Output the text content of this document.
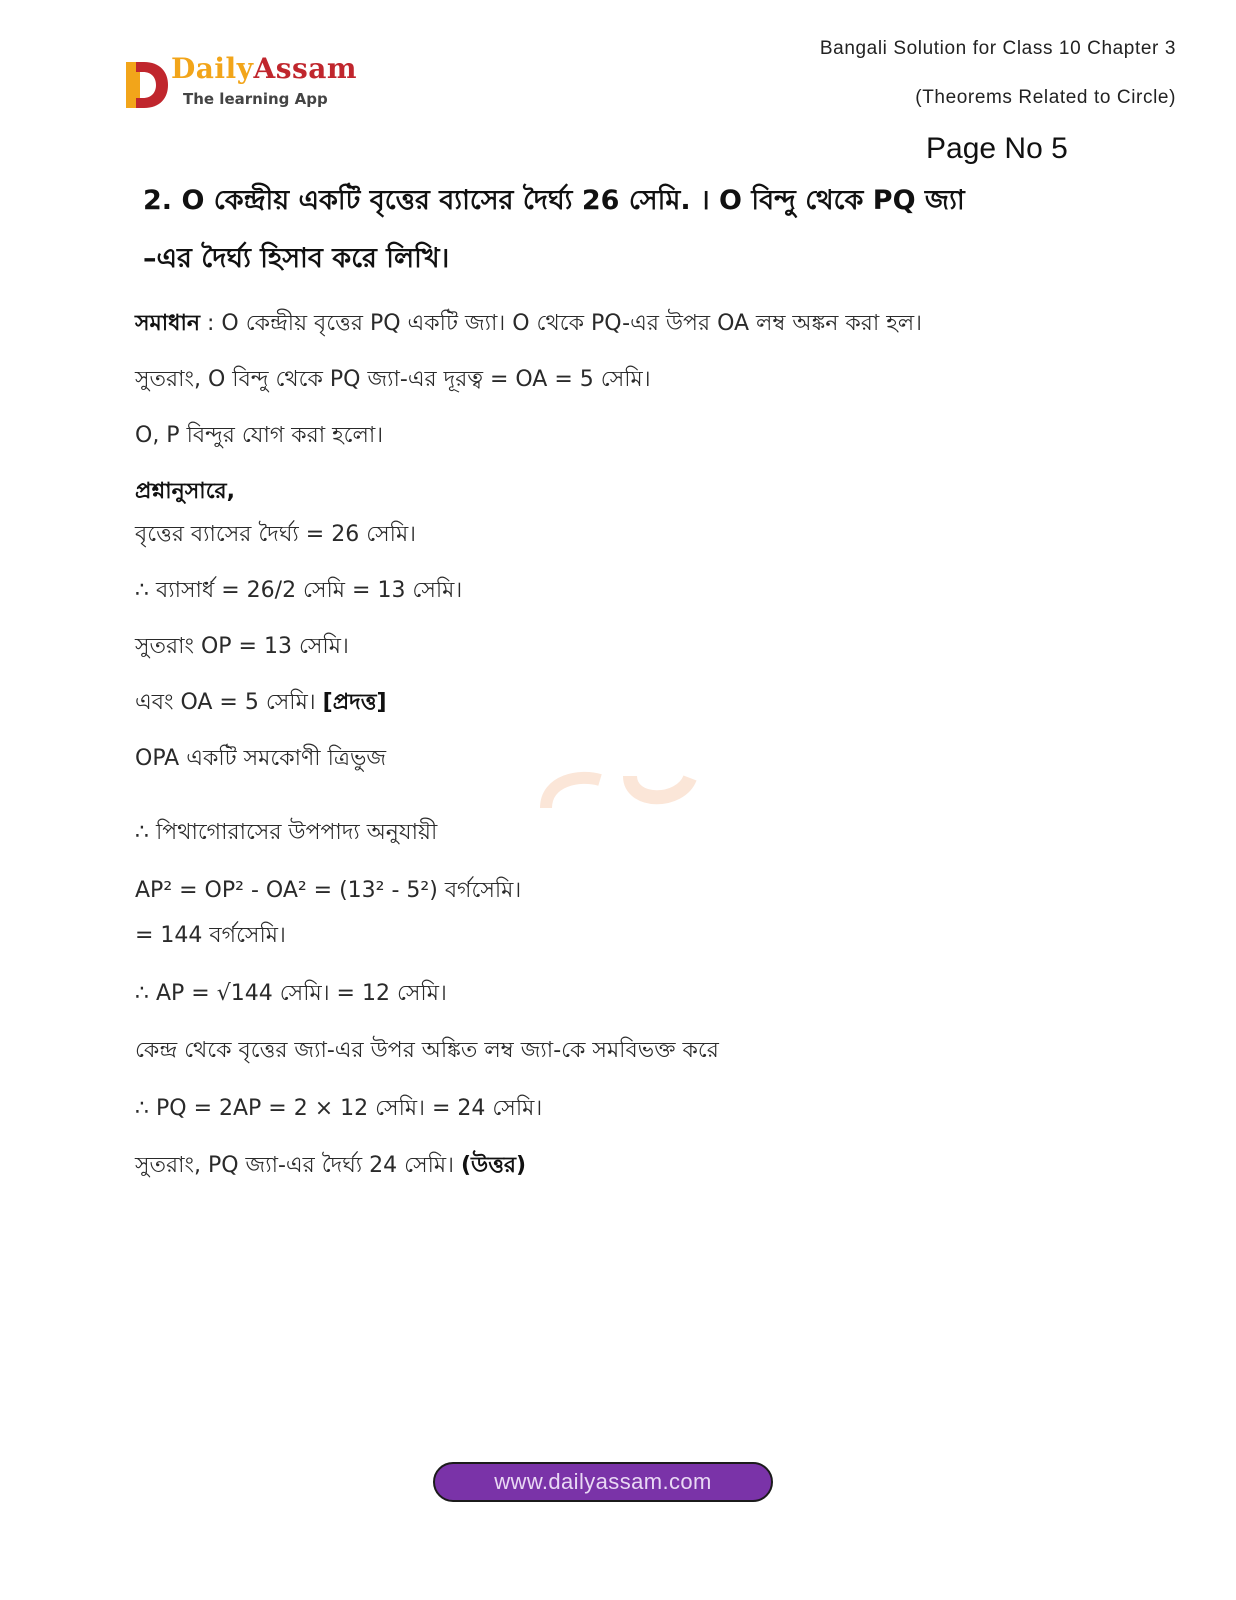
DailyAssam
The learning App
Bangali Solution for Class 10 Chapter 3
(Theorems Related to Circle)
Page No 5
2. O কেন্দ্রীয় একটি বৃত্তের ব্যাসের দৈর্ঘ্য 26 সেমি. । O বিন্দু থেকে PQ জ্যা
–এর দৈর্ঘ্য হিসাব করে লিখি।
সমাধান : O কেন্দ্রীয় বৃত্তের PQ একটি জ্যা। O থেকে PQ-এর উপর OA লম্ব অঙ্কন করা হল।
সুতরাং, O বিন্দু থেকে PQ জ্যা-এর দূরত্ব = OA = 5 সেমি।
O, P বিন্দুর যোগ করা হলো।
প্রশ্নানুসারে,
বৃত্তের ব্যাসের দৈর্ঘ্য = 26 সেমি।
∴ ব্যাসার্ধ = 26/2 সেমি = 13 সেমি।
সুতরাং OP = 13 সেমি।
এবং OA = 5 সেমি। [প্রদত্ত]
OPA একটি সমকোণী ত্রিভুজ
∴ পিথাগোরাসের উপপাদ্য অনুযায়ী
AP² = OP² - OA² = (13² - 5²) বর্গসেমি।
= 144 বর্গসেমি।
∴ AP = √144 সেমি। = 12 সেমি।
কেন্দ্র থেকে বৃত্তের জ্যা-এর উপর অঙ্কিত লম্ব জ্যা-কে সমবিভক্ত করে
∴ PQ = 2AP = 2 × 12 সেমি। = 24 সেমি।
সুতরাং, PQ জ্যা-এর দৈর্ঘ্য 24 সেমি। (উত্তর)
www.dailyassam.com
